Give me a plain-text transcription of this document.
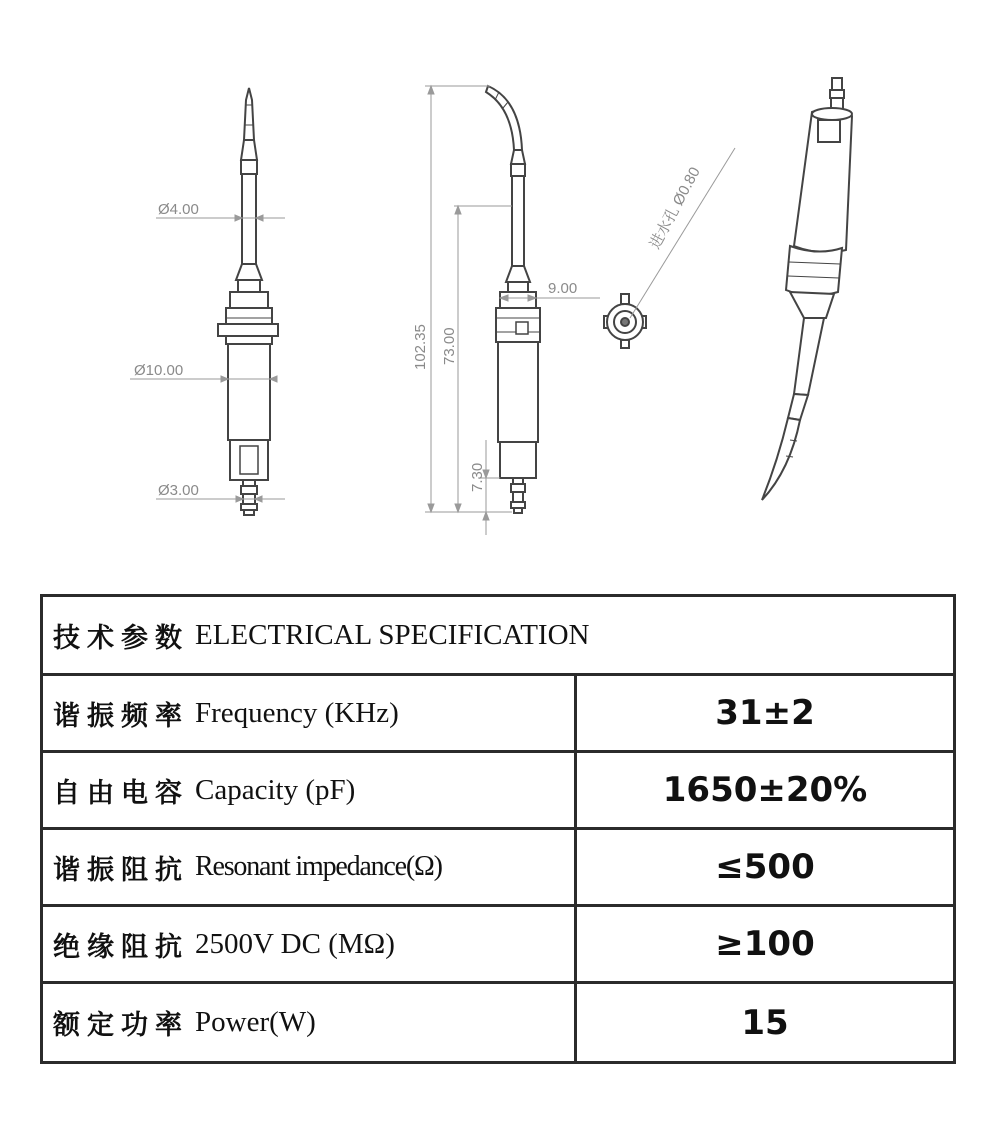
Ø4.00
Ø10.00
Ø3.00
102.35 73.00
7.30
9.00
进水孔 Ø0.80
技术参数 ELECTRICAL SPECIFICATION
谐振频率 Frequency (KHz)	31±2
自由电容 Capacity (pF)	1650±20%
谐振阻抗 Resonant impedance(Ω)	≤500
绝缘阻抗 2500V DC (MΩ)	≥100
额定功率 Power(W)	15
